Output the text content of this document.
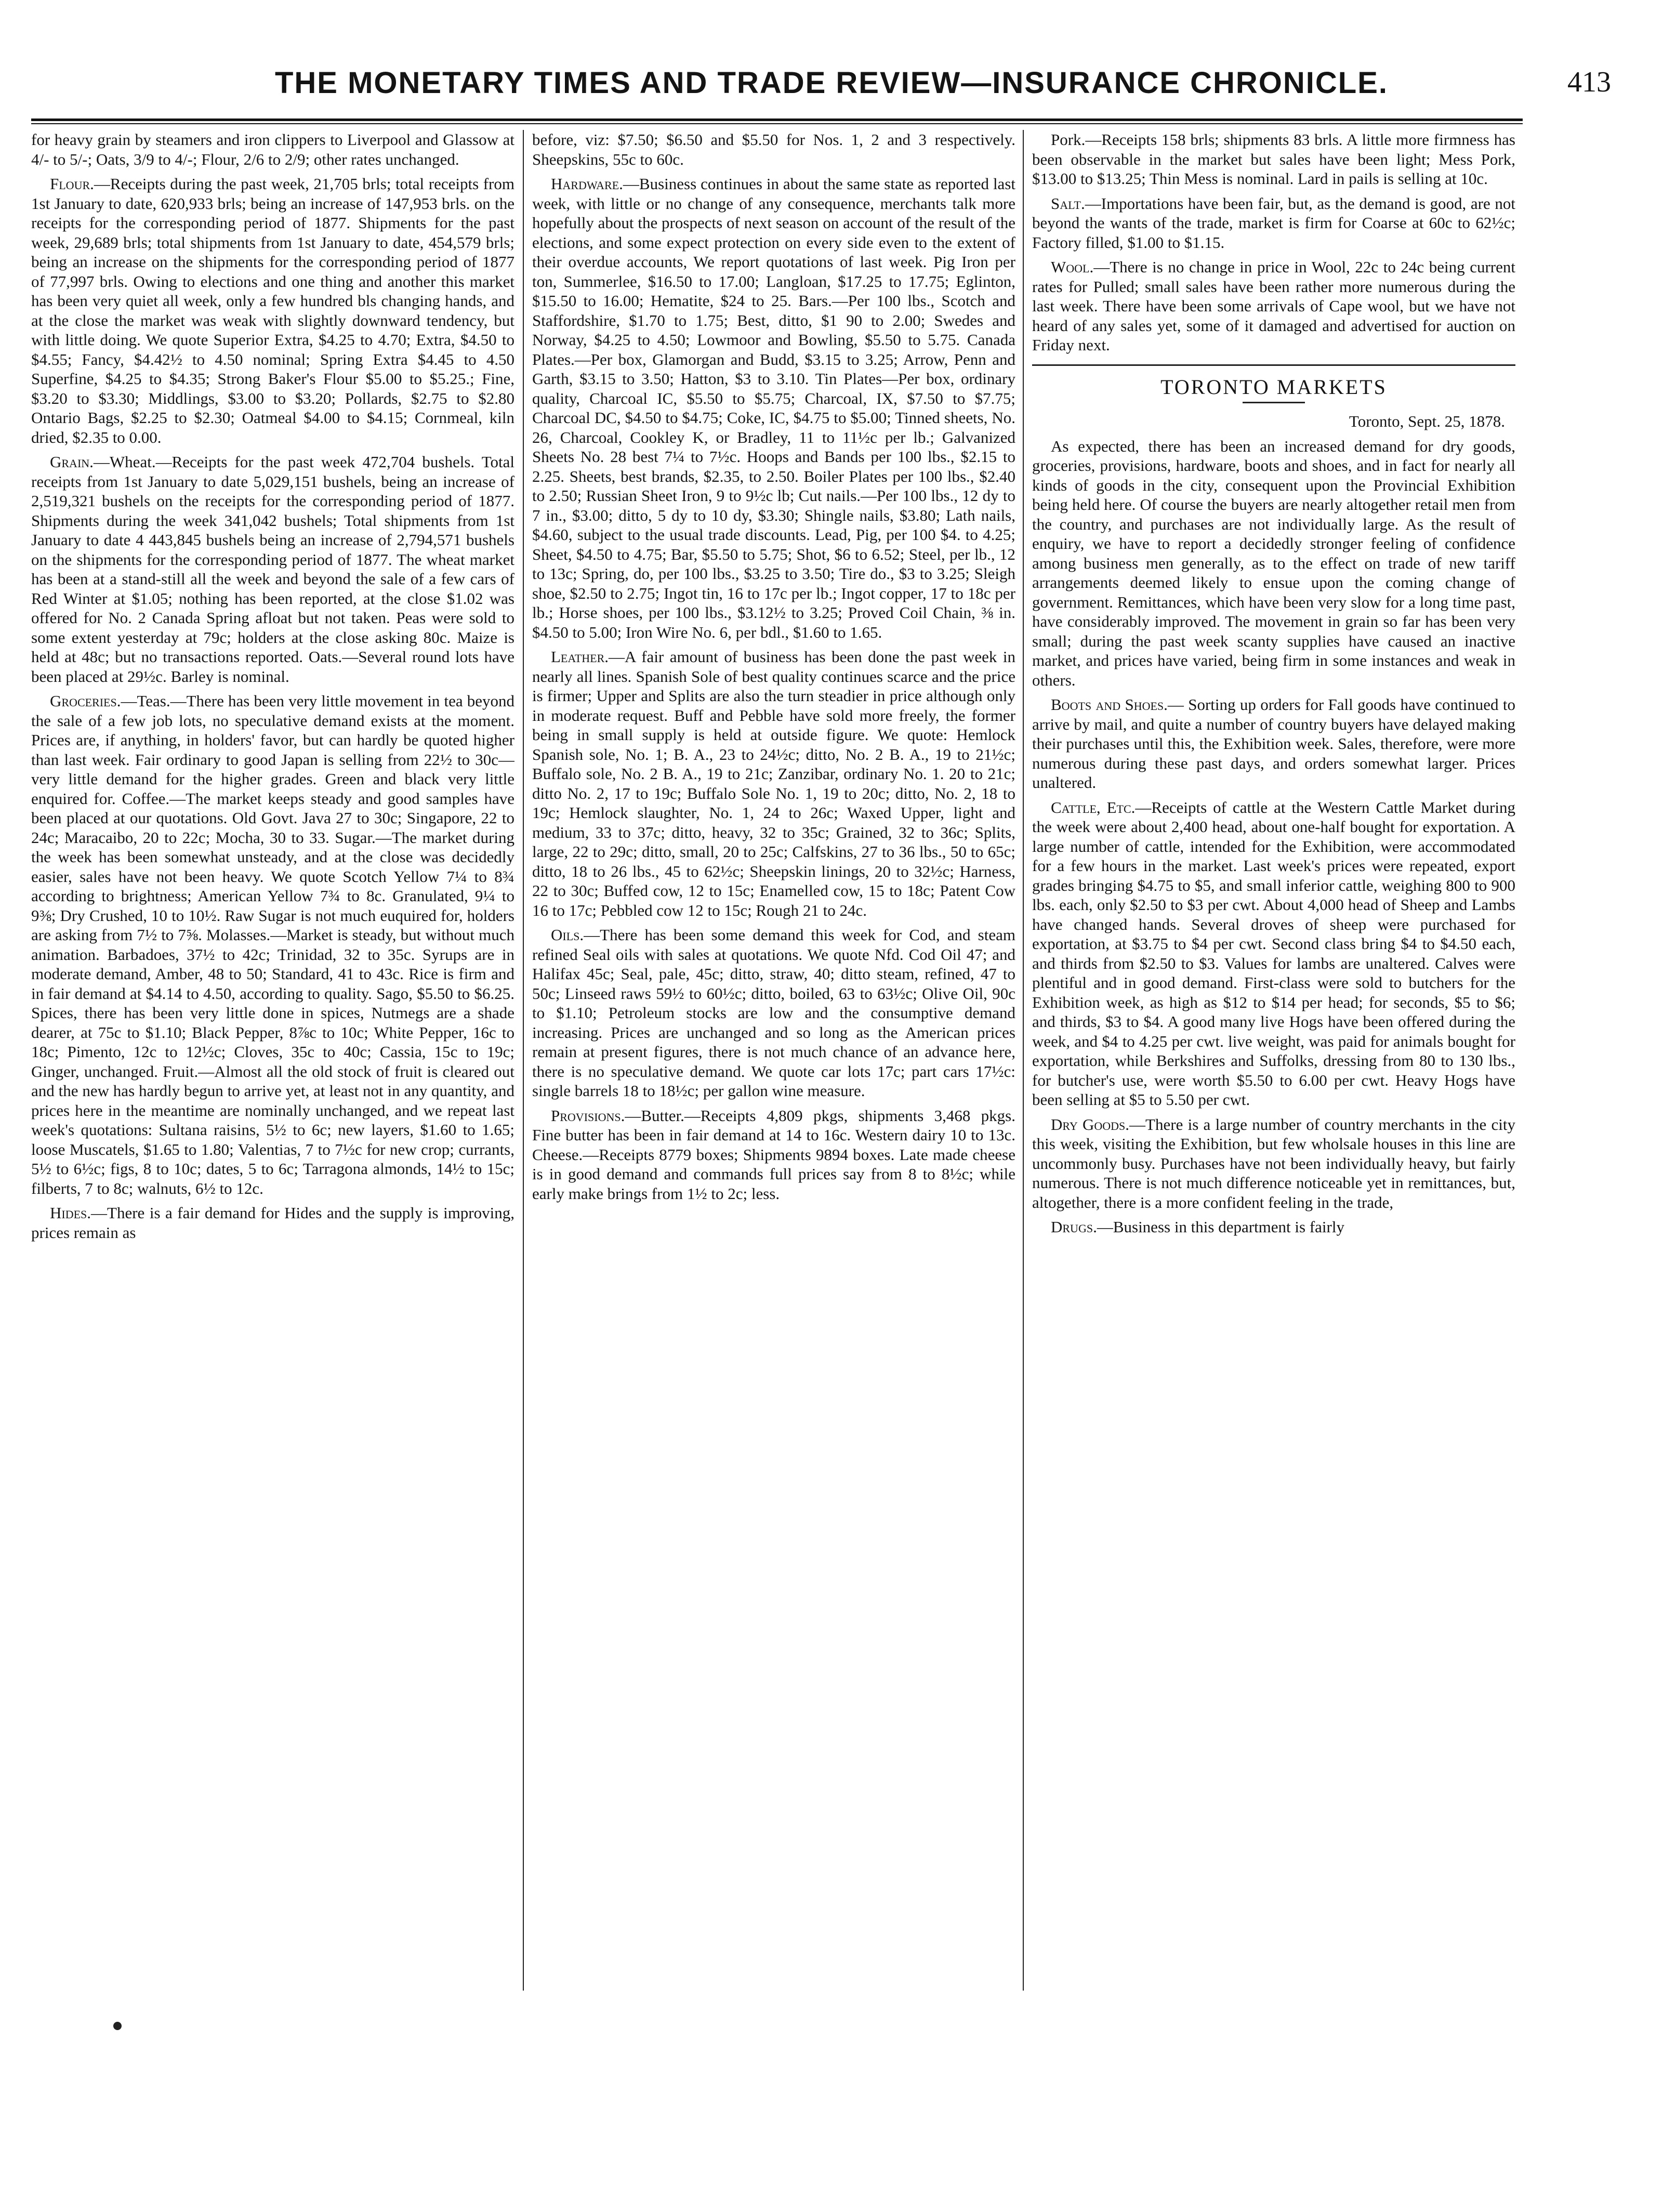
THE MONETARY TIMES AND TRADE REVIEW—INSURANCE CHRONICLE.	413

for heavy grain by steamers and iron clippers to Liverpool and Glassow at 4/- to 5/-; Oats, 3/9 to 4/-; Flour, 2/6 to 2/9; other rates unchanged.

Flour.—Receipts during the past week, 21,705 brls; total receipts from 1st January to date, 620,933 brls; being an increase of 147,953 brls. on the receipts for the corresponding period of 1877. Shipments for the past week, 29,689 brls; total shipments from 1st January to date, 454,579 brls; being an increase on the shipments for the corresponding period of 1877 of 77,997 brls. Owing to elections and one thing and another this market has been very quiet all week, only a few hundred bls changing hands, and at the close the market was weak with slightly downward tendency, but with little doing. We quote Superior Extra, $4.25 to 4.70; Extra, $4.50 to $4.55; Fancy, $4.42½ to 4.50 nominal; Spring Extra $4.45 to 4.50 Superfine, $4.25 to $4.35; Strong Baker's Flour $5.00 to $5.25.; Fine, $3.20 to $3.30; Middlings, $3.00 to $3.20; Pollards, $2.75 to $2.80 Ontario Bags, $2.25 to $2.30; Oatmeal $4.00 to $4.15; Cornmeal, kiln dried, $2.35 to 0.00.

Grain.—Wheat.—Receipts for the past week 472,704 bushels. Total receipts from 1st January to date 5,029,151 bushels, being an increase of 2,519,321 bushels on the receipts for the corresponding period of 1877. Shipments during the week 341,042 bushels; Total shipments from 1st January to date 4 443,845 bushels being an increase of 2,794,571 bushels on the shipments for the corresponding period of 1877. The wheat market has been at a stand-still all the week and beyond the sale of a few cars of Red Winter at $1.05; nothing has been reported, at the close $1.02 was offered for No. 2 Canada Spring afloat but not taken. Peas were sold to some extent yesterday at 79c; holders at the close asking 80c. Maize is held at 48c; but no transactions reported. Oats.—Several round lots have been placed at 29½c. Barley is nominal.

Groceries.—Teas.—There has been very little movement in tea beyond the sale of a few job lots, no speculative demand exists at the moment. Prices are, if anything, in holders' favor, but can hardly be quoted higher than last week. Fair ordinary to good Japan is selling from 22½ to 30c—very little demand for the higher grades. Green and black very little enquired for. Coffee.—The market keeps steady and good samples have been placed at our quotations. Old Govt. Java 27 to 30c; Singapore, 22 to 24c; Maracaibo, 20 to 22c; Mocha, 30 to 33. Sugar.—The market during the week has been somewhat unsteady, and at the close was decidedly easier, sales have not been heavy. We quote Scotch Yellow 7¼ to 8¾ according to brightness; American Yellow 7¾ to 8c. Granulated, 9¼ to 9⅜; Dry Crushed, 10 to 10½. Raw Sugar is not much euquired for, holders are asking from 7½ to 7⅝. Molasses.—Market is steady, but without much animation. Barbadoes, 37½ to 42c; Trinidad, 32 to 35c. Syrups are in moderate demand, Amber, 48 to 50; Standard, 41 to 43c. Rice is firm and in fair demand at $4.14 to 4.50, according to quality. Sago, $5.50 to $6.25. Spices, there has been very little done in spices, Nutmegs are a shade dearer, at 75c to $1.10; Black Pepper, 8⅞c to 10c; White Pepper, 16c to 18c; Pimento, 12c to 12½c; Cloves, 35c to 40c; Cassia, 15c to 19c; Ginger, unchanged. Fruit.—Almost all the old stock of fruit is cleared out and the new has hardly begun to arrive yet, at least not in any quantity, and prices here in the meantime are nominally unchanged, and we repeat last week's quotations: Sultana raisins, 5½ to 6c; new layers, $1.60 to 1.65; loose Muscatels, $1.65 to 1.80; Valentias, 7 to 7½c for new crop; currants, 5½ to 6½c; figs, 8 to 10c; dates, 5 to 6c; Tarragona almonds, 14½ to 15c; filberts, 7 to 8c; walnuts, 6½ to 12c.

Hides.—There is a fair demand for Hides and the supply is improving, prices remain as

before, viz: $7.50; $6.50 and $5.50 for Nos. 1, 2 and 3 respectively. Sheepskins, 55c to 60c.

Hardware.—Business continues in about the same state as reported last week, with little or no change of any consequence, merchants talk more hopefully about the prospects of next season on account of the result of the elections, and some expect protection on every side even to the extent of their overdue accounts, We report quotations of last week. Pig Iron per ton, Summerlee, $16.50 to 17.00; Langloan, $17.25 to 17.75; Eglinton, $15.50 to 16.00; Hematite, $24 to 25. Bars.—Per 100 lbs., Scotch and Staffordshire, $1.70 to 1.75; Best, ditto, $1 90 to 2.00; Swedes and Norway, $4.25 to 4.50; Lowmoor and Bowling, $5.50 to 5.75. Canada Plates.—Per box, Glamorgan and Budd, $3.15 to 3.25; Arrow, Penn and Garth, $3.15 to 3.50; Hatton, $3 to 3.10. Tin Plates—Per box, ordinary quality, Charcoal IC, $5.50 to $5.75; Charcoal, IX, $7.50 to $7.75; Charcoal DC, $4.50 to $4.75; Coke, IC, $4.75 to $5.00; Tinned sheets, No. 26, Charcoal, Cookley K, or Bradley, 11 to 11½c per lb.; Galvanized Sheets No. 28 best 7¼ to 7½c. Hoops and Bands per 100 lbs., $2.15 to 2.25. Sheets, best brands, $2.35, to 2.50. Boiler Plates per 100 lbs., $2.40 to 2.50; Russian Sheet Iron, 9 to 9½c lb; Cut nails.—Per 100 lbs., 12 dy to 7 in., $3.00; ditto, 5 dy to 10 dy, $3.30; Shingle nails, $3.80; Lath nails, $4.60, subject to the usual trade discounts. Lead, Pig, per 100 $4. to 4.25; Sheet, $4.50 to 4.75; Bar, $5.50 to 5.75; Shot, $6 to 6.52; Steel, per lb., 12 to 13c; Spring, do, per 100 lbs., $3.25 to 3.50; Tire do., $3 to 3.25; Sleigh shoe, $2.50 to 2.75; Ingot tin, 16 to 17c per lb.; Ingot copper, 17 to 18c per lb.; Horse shoes, per 100 lbs., $3.12½ to 3.25; Proved Coil Chain, ⅜ in. $4.50 to 5.00; Iron Wire No. 6, per bdl., $1.60 to 1.65.

Leather.—A fair amount of business has been done the past week in nearly all lines. Spanish Sole of best quality continues scarce and the price is firmer; Upper and Splits are also the turn steadier in price although only in moderate request. Buff and Pebble have sold more freely, the former being in small supply is held at outside figure. We quote: Hemlock Spanish sole, No. 1; B. A., 23 to 24½c; ditto, No. 2 B. A., 19 to 21½c; Buffalo sole, No. 2 B. A., 19 to 21c; Zanzibar, ordinary No. 1. 20 to 21c; ditto No. 2, 17 to 19c; Buffalo Sole No. 1, 19 to 20c; ditto, No. 2, 18 to 19c; Hemlock slaughter, No. 1, 24 to 26c; Waxed Upper, light and medium, 33 to 37c; ditto, heavy, 32 to 35c; Grained, 32 to 36c; Splits, large, 22 to 29c; ditto, small, 20 to 25c; Calfskins, 27 to 36 lbs., 50 to 65c; ditto, 18 to 26 lbs., 45 to 62½c; Sheepskin linings, 20 to 32½c; Harness, 22 to 30c; Buffed cow, 12 to 15c; Enamelled cow, 15 to 18c; Patent Cow 16 to 17c; Pebbled cow 12 to 15c; Rough 21 to 24c.

Oils.—There has been some demand this week for Cod, and steam refined Seal oils with sales at quotations. We quote Nfd. Cod Oil 47; and Halifax 45c; Seal, pale, 45c; ditto, straw, 40; ditto steam, refined, 47 to 50c; Linseed raws 59½ to 60½c; ditto, boiled, 63 to 63½c; Olive Oil, 90c to $1.10; Petroleum stocks are low and the consumptive demand increasing. Prices are unchanged and so long as the American prices remain at present figures, there is not much chance of an advance here, there is no speculative demand. We quote car lots 17c; part cars 17½c: single barrels 18 to 18½c; per gallon wine measure.

Provisions.—Butter.—Receipts 4,809 pkgs, shipments 3,468 pkgs. Fine butter has been in fair demand at 14 to 16c. Western dairy 10 to 13c. Cheese.—Receipts 8779 boxes; Shipments 9894 boxes. Late made cheese is in good demand and commands full prices say from 8 to 8½c; while early make brings from 1½ to 2c; less.

Pork.—Receipts 158 brls; shipments 83 brls. A little more firmness has been observable in the market but sales have been light; Mess Pork, $13.00 to $13.25; Thin Mess is nominal. Lard in pails is selling at 10c.

Salt.—Importations have been fair, but, as the demand is good, are not beyond the wants of the trade, market is firm for Coarse at 60c to 62½c; Factory filled, $1.00 to $1.15.

Wool.—There is no change in price in Wool, 22c to 24c being current rates for Pulled; small sales have been rather more numerous during the last week. There have been some arrivals of Cape wool, but we have not heard of any sales yet, some of it damaged and advertised for auction on Friday next.

TORONTO MARKETS
Toronto, Sept. 25, 1878.

As expected, there has been an increased demand for dry goods, groceries, provisions, hardware, boots and shoes, and in fact for nearly all kinds of goods in the city, consequent upon the Provincial Exhibition being held here. Of course the buyers are nearly altogether retail men from the country, and purchases are not individually large. As the result of enquiry, we have to report a decidedly stronger feeling of confidence among business men generally, as to the effect on trade of new tariff arrangements deemed likely to ensue upon the coming change of government. Remittances, which have been very slow for a long time past, have considerably improved. The movement in grain so far has been very small; during the past week scanty supplies have caused an inactive market, and prices have varied, being firm in some instances and weak in others.

Boots and Shoes.— Sorting up orders for Fall goods have continued to arrive by mail, and quite a number of country buyers have delayed making their purchases until this, the Exhibition week. Sales, therefore, were more numerous during these past days, and orders somewhat larger. Prices unaltered.

Cattle, Etc.—Receipts of cattle at the Western Cattle Market during the week were about 2,400 head, about one-half bought for exportation. A large number of cattle, intended for the Exhibition, were accommodated for a few hours in the market. Last week's prices were repeated, export grades bringing $4.75 to $5, and small inferior cattle, weighing 800 to 900 lbs. each, only $2.50 to $3 per cwt. About 4,000 head of Sheep and Lambs have changed hands. Several droves of sheep were purchased for exportation, at $3.75 to $4 per cwt. Second class bring $4 to $4.50 each, and thirds from $2.50 to $3. Values for lambs are unaltered. Calves were plentiful and in good demand. First-class were sold to butchers for the Exhibition week, as high as $12 to $14 per head; for seconds, $5 to $6; and thirds, $3 to $4. A good many live Hogs have been offered during the week, and $4 to 4.25 per cwt. live weight, was paid for animals bought for exportation, while Berkshires and Suffolks, dressing from 80 to 130 lbs., for butcher's use, were worth $5.50 to 6.00 per cwt. Heavy Hogs have been selling at $5 to 5.50 per cwt.

Dry Goods.—There is a large number of country merchants in the city this week, visiting the Exhibition, but few wholsale houses in this line are uncommonly busy. Purchases have not been individually heavy, but fairly numerous. There is not much difference noticeable yet in remittances, but, altogether, there is a more confident feeling in the trade,

Drugs.—Business in this department is fairly
